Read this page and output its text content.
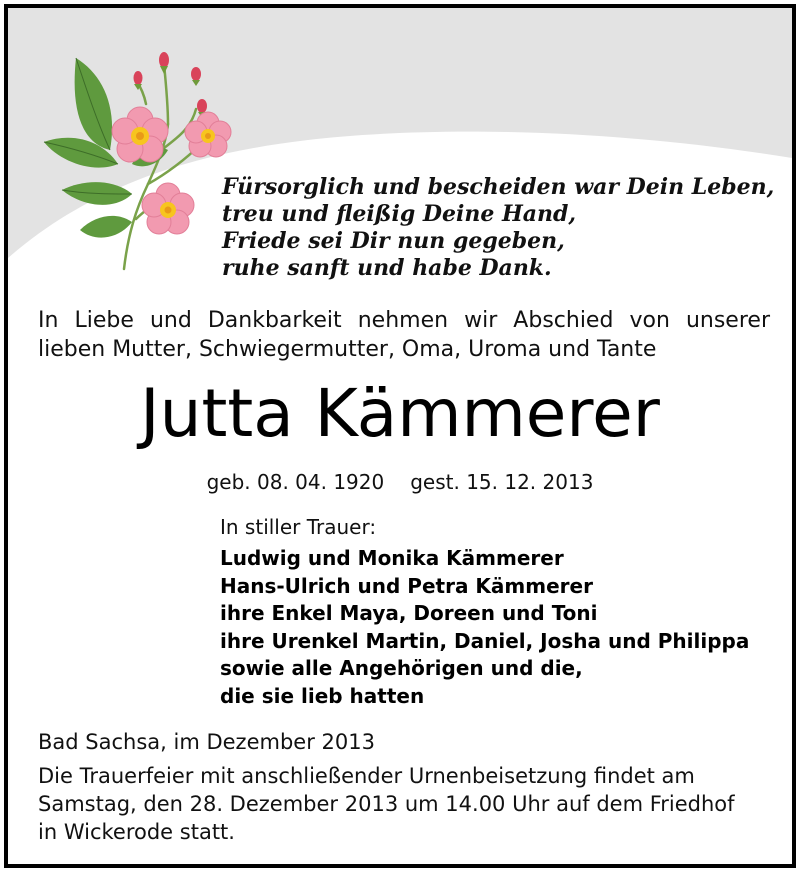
Fürsorglich und bescheiden war Dein Leben,
treu und fleißig Deine Hand,
Friede sei Dir nun gegeben,
ruhe sanft und habe Dank.
In Liebe und Dankbarkeit nehmen wir Abschied von unserer
lieben Mutter, Schwiegermutter, Oma, Uroma und Tante
Jutta Kämmerer
geb. 08. 04. 1920 gest. 15. 12. 2013
In stiller Trauer:
Ludwig und Monika Kämmerer
Hans-Ulrich und Petra Kämmerer
ihre Enkel Maya, Doreen und Toni
ihre Urenkel Martin, Daniel, Josha und Philippa
sowie alle Angehörigen und die,
die sie lieb hatten
Bad Sachsa, im Dezember 2013
Die Trauerfeier mit anschließender Urnenbeisetzung findet am
Samstag, den 28. Dezember 2013 um 14.00 Uhr auf dem Friedhof
in Wickerode statt.
